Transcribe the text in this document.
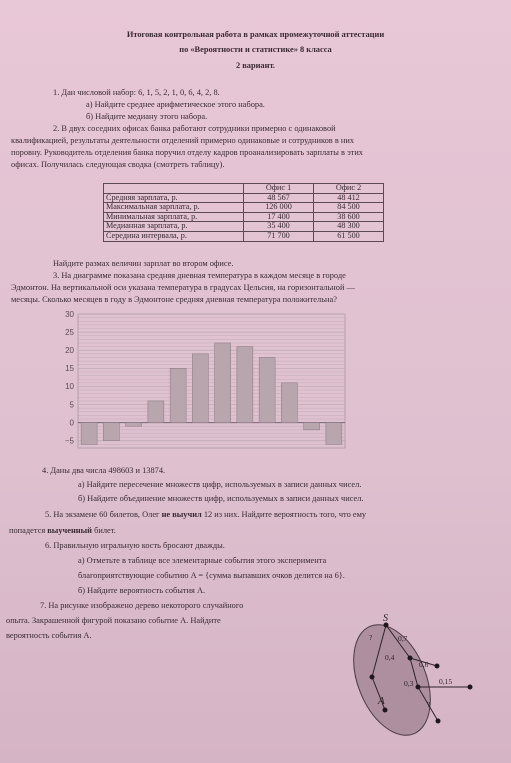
Итоговая контрольная работа в рамках промежуточной аттестации
по «Вероятности и статистике» 8 класса
2 вариант.
1. Дан числовой набор: 6, 1, 5, 2, 1, 0, 6, 4, 2, 8.
а) Найдите среднее арифметическое этого набора.
б) Найдите медиану этого набора.
2. В двух соседних офисах банка работают сотрудники примерно с одинаковой
квалификацией, результаты деятельности отделений примерно одинаковые и сотрудников в них
поровну. Руководитель отделения банка поручил отделу кадров проанализировать зарплаты в этих
офисах. Получилась следующая сводка (смотреть таблицу).
	Офис 1	Офис 2
Средняя зарплата, р.	48 567	48 412
Максимальная зарплата, р.	126 000	84 500
Минимальная зарплата, р.	17 400	38 600
Медианная зарплата, р.	35 400	48 300
Середина интервала, р.	71 700	61 500
Найдите размах величин зарплат во втором офисе.
3. На диаграмме показана средняя дневная температура в каждом месяце в городе
Эдмонтон. На вертикальной оси указана температура в градусах Цельсия, на горизонтальной —
месяцы. Сколько месяцев в году в Эдмонтоне средняя дневная температура положительна?
30
25
20
15
10
5
0
−5
4. Даны два числа 498603 и 13874.
а) Найдите пересечение множеств цифр, используемых в записи данных чисел.
б) Найдите объединение множеств цифр, используемых в записи данных чисел.
5. На экзамене 60 билетов, Олег не выучил 12 из них. Найдите вероятность того, что ему
попадется выученный билет.
6. Правильную игральную кость бросают дважды.
а) Отметьте в таблице все элементарные события этого эксперимента
благоприятствующие событию A = {сумма выпавших очков делится на 6}.
б) Найдите вероятность события A.
7. На рисунке изображено дерево некоторого случайного
опыта. Закрашенной фигурой показано событие А. Найдите
вероятность события А.
S
A
?	0,7
0,4
0,6
0,3	0,15
?
